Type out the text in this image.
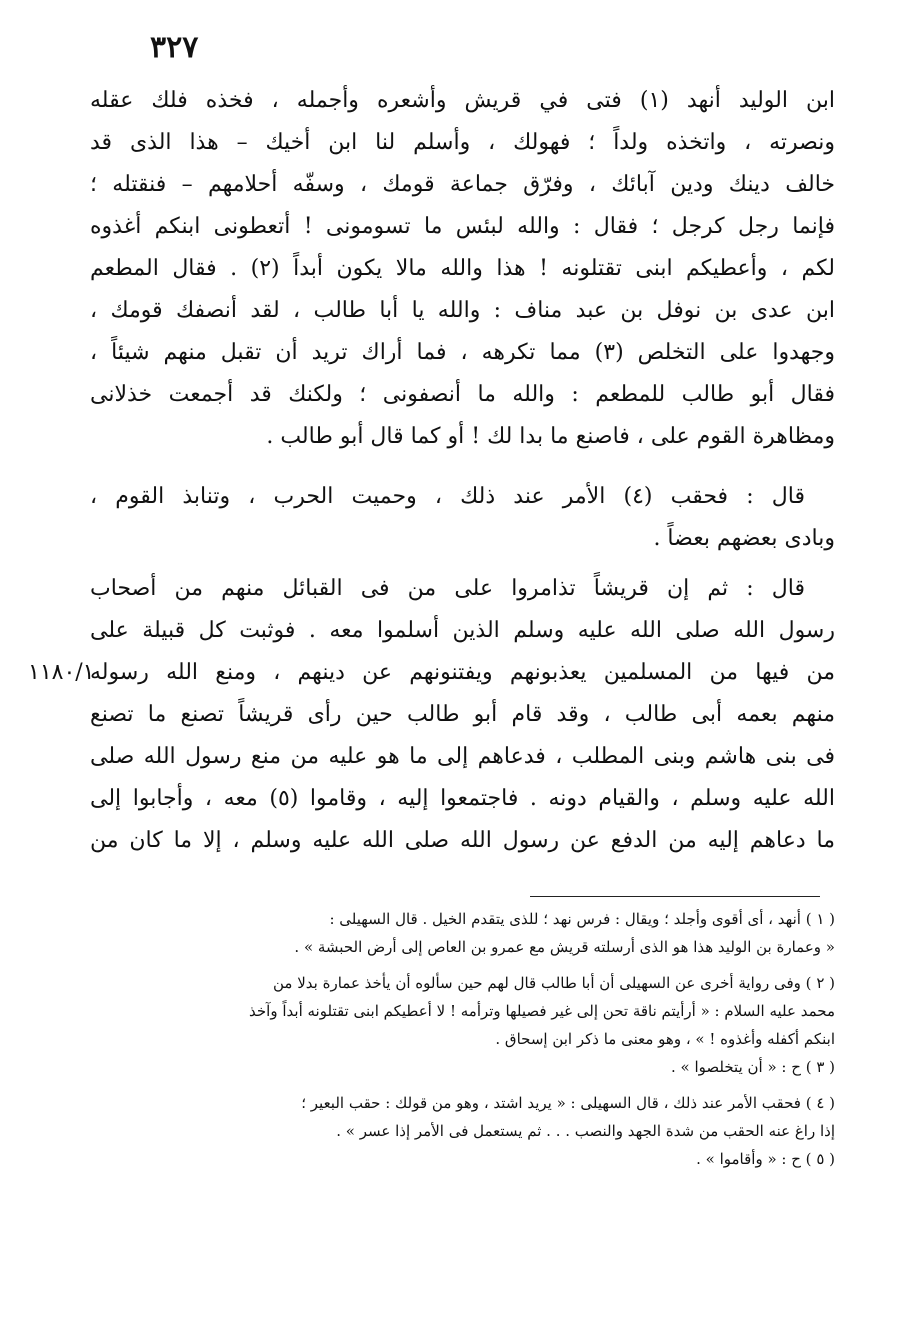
٣٢٧
١١٨٠/١
ابن الوليد أنهد (١) فتى في قريش وأشعره وأجمله ، فخذه فلك عقله
ونصرته ، واتخذه ولداً ؛ فهولك ، وأسلم لنا ابن أخيك – هذا الذى قد
خالف دينك ودين آبائك ، وفرّق جماعة قومك ، وسفّه أحلامهم – فنقتله ؛
فإنما رجل كرجل ؛ فقال : والله لبئس ما تسومونى ! أتعطونى ابنكم أغذوه
لكم ، وأعطيكم ابنى تقتلونه ! هذا والله مالا يكون أبداً (٢) . فقال المطعم
ابن عدى بن نوفل بن عبد مناف : والله يا أبا طالب ، لقد أنصفك قومك ،
وجهدوا على التخلص (٣) مما تكرهه ، فما أراك تريد أن تقبل منهم شيئاً ،
فقال أبو طالب للمطعم : والله ما أنصفونى ؛ ولكنك قد أجمعت خذلانى
ومظاهرة القوم على ، فاصنع ما بدا لك ! أو كما قال أبو طالب .
قال : فحقب (٤) الأمر عند ذلك ، وحميت الحرب ، وتنابذ القوم ،
وبادى بعضهم بعضاً .
قال : ثم إن قريشاً تذامروا على من فى القبائل منهم من أصحاب
رسول الله صلى الله عليه وسلم الذين أسلموا معه . فوثبت كل قبيلة على
من فيها من المسلمين يعذبونهم ويفتنونهم عن دينهم ، ومنع الله رسوله
منهم بعمه أبى طالب ، وقد قام أبو طالب حين رأى قريشاً تصنع ما تصنع
فى بنى هاشم وبنى المطلب ، فدعاهم إلى ما هو عليه من منع رسول الله صلى
الله عليه وسلم ، والقيام دونه . فاجتمعوا إليه ، وقاموا (٥) معه ، وأجابوا إلى
ما دعاهم إليه من الدفع عن رسول الله صلى الله عليه وسلم ، إلا ما كان من
( ١ ) أنهد ، أى أقوى وأجلد ؛ ويقال : فرس نهد ؛ للذى يتقدم الخيل . قال السهيلى :
« وعمارة بن الوليد هذا هو الذى أرسلته قريش مع عمرو بن العاص إلى أرض الحبشة » .
( ٢ ) وفى رواية أخرى عن السهيلى أن أبا طالب قال لهم حين سألوه أن يأخذ عمارة بدلا من
محمد عليه السلام : « أرأيتم ناقة تحن إلى غير فصيلها وترأمه ! لا أعطيكم ابنى تقتلونه أبداً وآخذ
ابنكم أكفله وأغذوه ! » ، وهو معنى ما ذكر ابن إسحاق .
( ٣ ) ح : « أن يتخلصوا » .
( ٤ ) فحقب الأمر عند ذلك ، قال السهيلى : « يريد اشتد ، وهو من قولك : حقب البعير ؛
إذا راغ عنه الحقب من شدة الجهد والنصب . . . ثم يستعمل فى الأمر إذا عسر » .
( ٥ ) ح : « وأقاموا » .
